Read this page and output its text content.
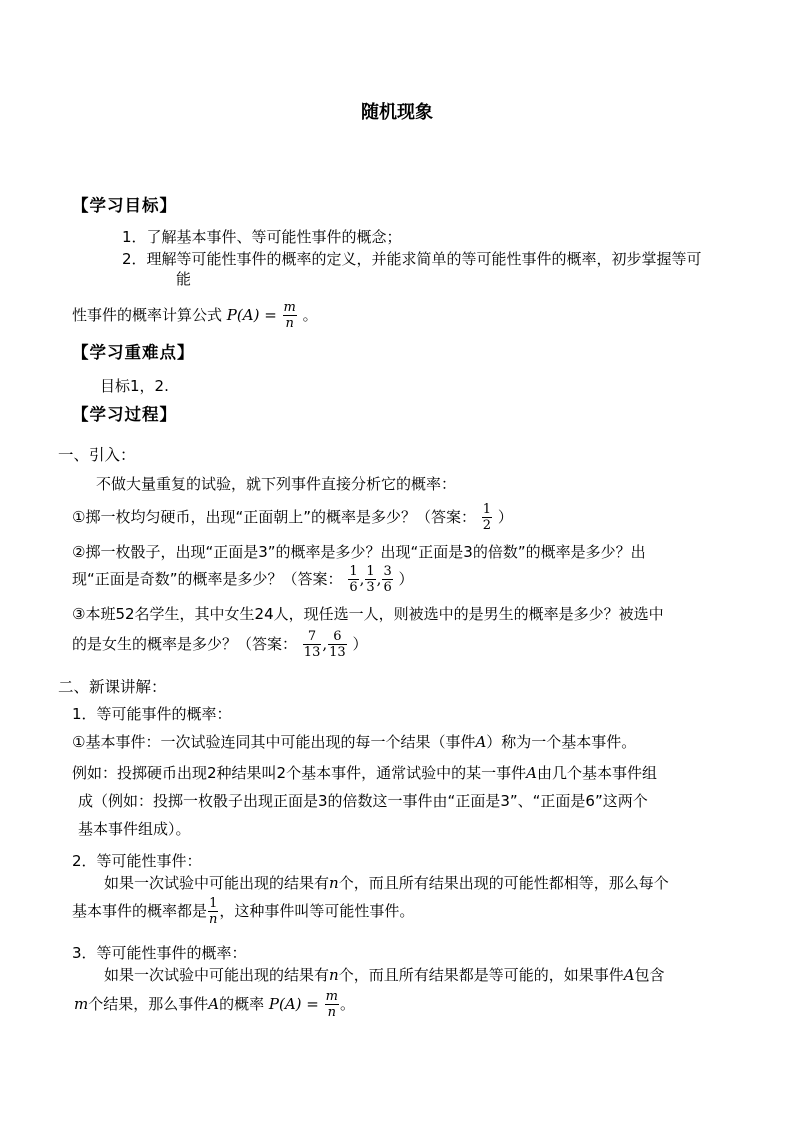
随机现象
【学习目标】
1．了解基本事件、等可能性事件的概念；
2．理解等可能性事件的概率的定义，并能求简单的等可能性事件的概率，初步掌握等可
能
性事件的概率计算公式 $P(A) = \frac{m}{n}$ 。
【学习重难点】
目标1，2.
【学习过程】
一、引入：
不做大量重复的试验，就下列事件直接分析它的概率：
①掷一枚均匀硬币，出现“正面朝上”的概率是多少？（答案： $\frac{1}{2}$ ）
②掷一枚骰子，出现“正面是3”的概率是多少？出现“正面是3的倍数”的概率是多少？出
现“正面是奇数”的概率是多少？（答案： $\frac{1}{6}$ , $\frac{1}{3}$ , $\frac{3}{6}$ ）
③本班52名学生，其中女生24人，现任选一人，则被选中的是男生的概率是多少？被选中
的是女生的概率是多少？（答案： $\frac{7}{13}$ , $\frac{6}{13}$ ）
二、新课讲解：
1．等可能事件的概率：
①基本事件：一次试验连同其中可能出现的每一个结果（事件A）称为一个基本事件。
例如：投掷硬币出现2种结果叫2个基本事件，通常试验中的某一事件A由几个基本事件组
成（例如：投掷一枚骰子出现正面是3的倍数这一事件由“正面是3”、“正面是6”这两个
基本事件组成）。
2．等可能性事件：
如果一次试验中可能出现的结果有n个，而且所有结果出现的可能性都相等，那么每个
基本事件的概率都是 $\frac{1}{n}$ ，这种事件叫等可能性事件。
3．等可能性事件的概率：
如果一次试验中可能出现的结果有n个，而且所有结果都是等可能的，如果事件A包含
m个结果，那么事件A的概率 $P(A) = \frac{m}{n}$ 。
